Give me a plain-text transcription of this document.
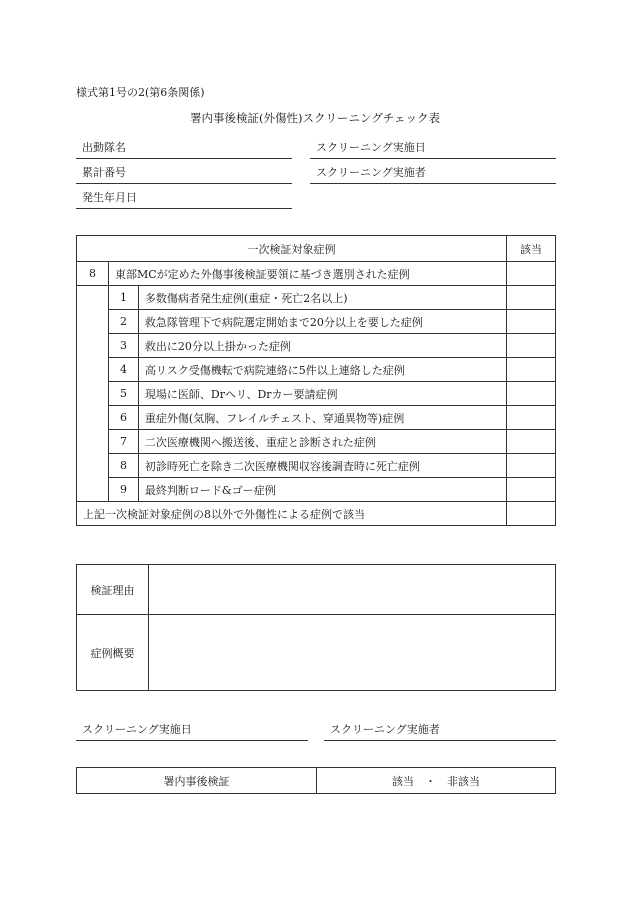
様式第1号の2(第6条関係)
署内事後検証(外傷性)スクリーニングチェック表
出動隊名	スクリーニング実施日
累計番号	スクリーニング実施者
発生年月日
一次検証対象症例			該当
8	東部MCが定めた外傷事後検証要領に基づき選別された症例		
	1	多数傷病者発生症例(重症・死亡2名以上)	
	2	救急隊管理下で病院選定開始まで20分以上を要した症例	
	3	救出に20分以上掛かった症例	
	4	高リスク受傷機転で病院連絡に5件以上連絡した症例	
	5	現場に医師、Drヘリ、Drカー要請症例	
	6	重症外傷(気胸、フレイルチェスト、穿通異物等)症例	
	7	二次医療機関へ搬送後、重症と診断された症例	
	8	初診時死亡を除き二次医療機関収容後調査時に死亡症例	
	9	最終判断ロード&ゴー症例	
上記一次検証対象症例の8以外で外傷性による症例で該当			
検証理由	
症例概要	
スクリーニング実施日	スクリーニング実施者
署内事後検証	該当　・　非該当
